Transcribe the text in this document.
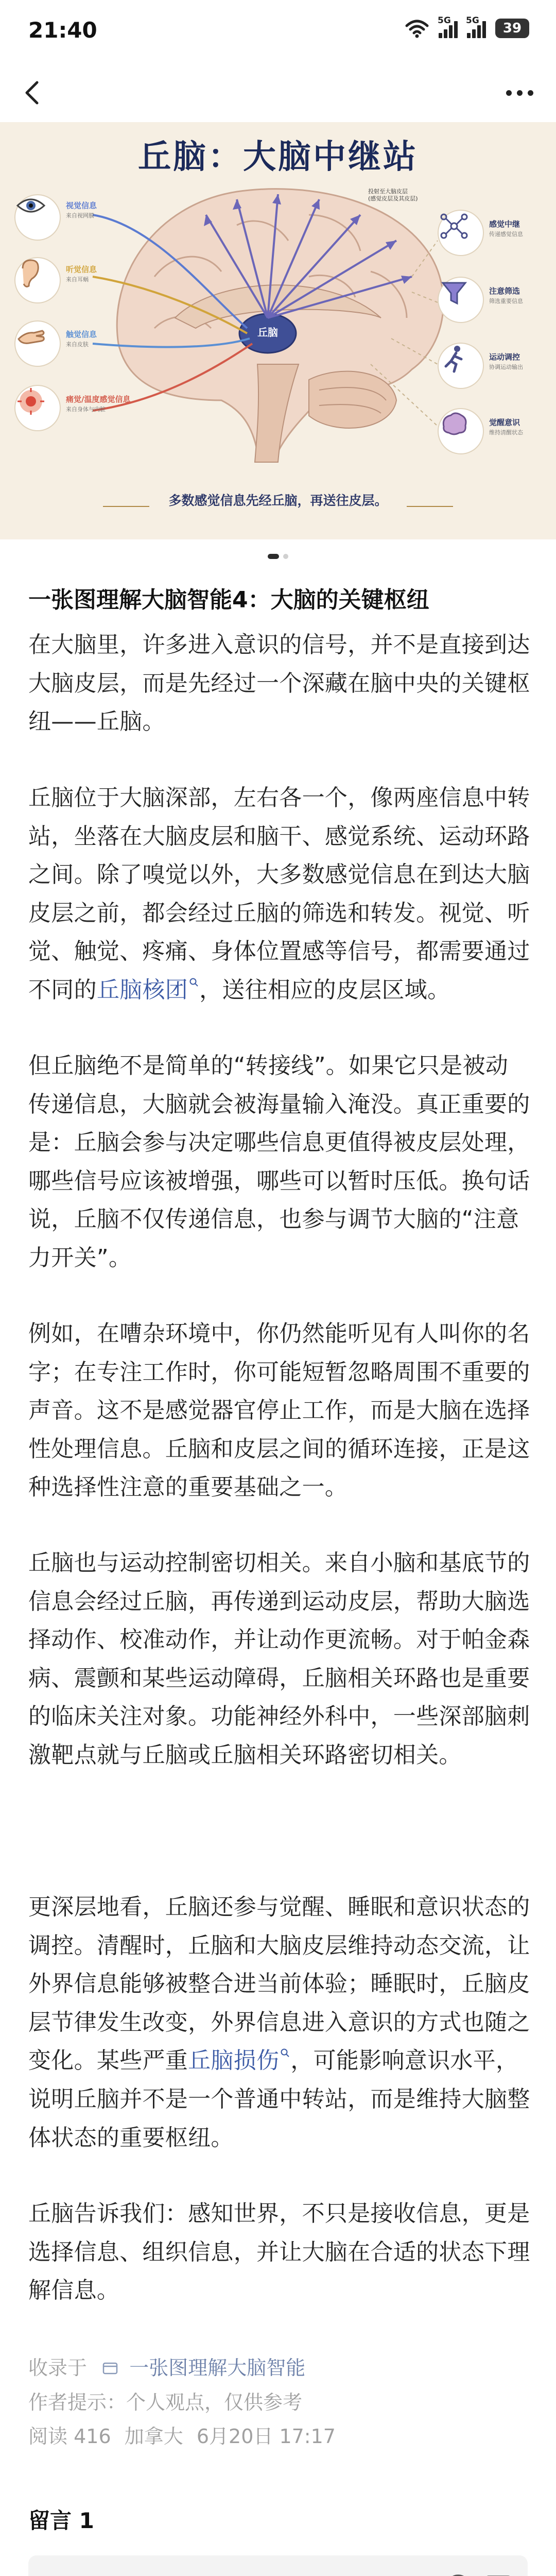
21:40	5G 5G	39
丘脑：大脑中继站
投射至大脑皮层
(感觉皮层及其皮层)
视觉信息
来自视网膜
听觉信息
来自耳蜗
触觉信息
来自皮肤
痛觉/温度感觉信息
来自身体与内脏
丘脑
感觉中继
传递感觉信息
注意筛选
筛选重要信息
运动调控
协调运动输出
觉醒意识
维持清醒状态
多数感觉信息先经丘脑，再送往皮层。
一张图理解大脑智能4：大脑的关键枢纽
在大脑里，许多进入意识的信号，并不是直接到达大脑皮层，而是先经过一个深藏在脑中央的关键枢纽——丘脑。
丘脑位于大脑深部，左右各一个，像两座信息中转站，坐落在大脑皮层和脑干、感觉系统、运动环路之间。除了嗅觉以外，大多数感觉信息在到达大脑皮层之前，都会经过丘脑的筛选和转发。视觉、听觉、触觉、疼痛、身体位置感等信号，都需要通过不同的丘脑核团 ，送往相应的皮层区域。
但丘脑绝不是简单的“转接线”。如果它只是被动传递信息，大脑就会被海量输入淹没。真正重要的是：丘脑会参与决定哪些信息更值得被皮层处理，哪些信号应该被增强，哪些可以暂时压低。换句话说，丘脑不仅传递信息，也参与调节大脑的“注意力开关”。
例如，在嘈杂环境中，你仍然能听见有人叫你的名字；在专注工作时，你可能短暂忽略周围不重要的声音。这不是感觉器官停止工作，而是大脑在选择性处理信息。丘脑和皮层之间的循环连接，正是这种选择性注意的重要基础之一。
丘脑也与运动控制密切相关。来自小脑和基底节的信息会经过丘脑，再传递到运动皮层，帮助大脑选择动作、校准动作，并让动作更流畅。对于帕金森病、震颤和某些运动障碍，丘脑相关环路也是重要的临床关注对象。功能神经外科中，一些深部脑刺激靶点就与丘脑或丘脑相关环路密切相关。
更深层地看，丘脑还参与觉醒、睡眠和意识状态的调控。清醒时，丘脑和大脑皮层维持动态交流，让外界信息能够被整合进当前体验；睡眠时，丘脑皮层节律发生改变，外界信息进入意识的方式也随之变化。某些严重丘脑损伤 ，可能影响意识水平，说明丘脑并不是一个普通中转站，而是维持大脑整体状态的重要枢纽。
丘脑告诉我们：感知世界，不只是接收信息，更是选择信息、组织信息，并让大脑在合适的状态下理解信息。
收录于 一张图理解大脑智能
作者提示：个人观点，仅供参考
阅读 416 加拿大 6月20日 17:17
留言 1
写留言
